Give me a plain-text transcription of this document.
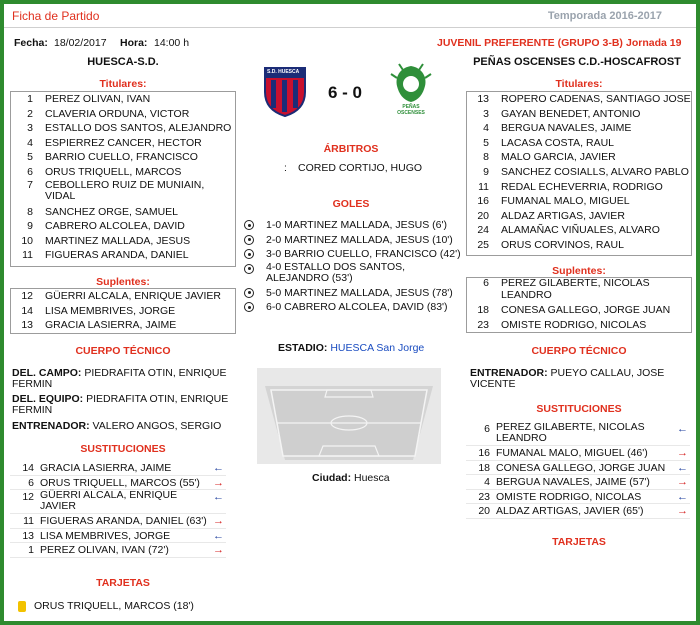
Ficha de Partido	Temporada 2016-2017
Fecha: 18/02/2017 Hora: 14:00 h	JUVENIL PREFERENTE (GRUPO 3-B) Jornada 19
HUESCA-S.D.	PEÑAS OSCENSES C.D.-HOSCAFROST
S.D. HUESCA
PEÑAS OSCENSES
6 - 0
Titulares:	Titulares:
1 PEREZ OLIVAN, IVAN
2 CLAVERIA ORDUNA, VICTOR
3 ESTALLO DOS SANTOS, ALEJANDRO
4 ESPIERREZ CANCER, HECTOR
5 BARRIO CUELLO, FRANCISCO
6 ORUS TRIQUELL, MARCOS
7 CEBOLLERO RUIZ DE MUNIAIN, VIDAL
8 SANCHEZ ORGE, SAMUEL
9 CABRERO ALCOLEA, DAVID
10 MARTINEZ MALLADA, JESUS
11 FIGUERAS ARANDA, DANIEL
13 ROPERO CADENAS, SANTIAGO JOSE
3 GAYAN BENEDET, ANTONIO
4 BERGUA NAVALES, JAIME
5 LACASA COSTA, RAUL
8 MALO GARCIA, JAVIER
9 SANCHEZ COSIALLS, ALVARO PABLO
11 REDAL ECHEVERRIA, RODRIGO
16 FUMANAL MALO, MIGUEL
20 ALDAZ ARTIGAS, JAVIER
24 ALAMAÑAC VIÑUALES, ALVARO
25 ORUS CORVINOS, RAUL
Suplentes:
12 GÜERRI ALCALA, ENRIQUE JAVIER
14 LISA MEMBRIVES, JORGE
13 GRACIA LASIERRA, JAIME
Suplentes:
6 PEREZ GILABERTE, NICOLAS LEANDRO
18 CONESA GALLEGO, JORGE JUAN
23 OMISTE RODRIGO, NICOLAS
ÁRBITROS
: CORED CORTIJO, HUGO
GOLES
1-0 MARTINEZ MALLADA, JESUS (6')
2-0 MARTINEZ MALLADA, JESUS (10')
3-0 BARRIO CUELLO, FRANCISCO (42')
4-0 ESTALLO DOS SANTOS, ALEJANDRO (53')
5-0 MARTINEZ MALLADA, JESUS (78')
6-0 CABRERO ALCOLEA, DAVID (83')
ESTADIO: HUESCA San Jorge
Ciudad: Huesca
CUERPO TÉCNICO
DEL. CAMPO: PIEDRAFITA OTIN, ENRIQUE FERMIN
DEL. EQUIPO: PIEDRAFITA OTIN, ENRIQUE FERMIN
ENTRENADOR: VALERO ANGOS, SERGIO
CUERPO TÉCNICO
ENTRENADOR: PUEYO CALLAU, JOSE VICENTE
SUSTITUCIONES
14 GRACIA LASIERRA, JAIME	←
6 ORUS TRIQUELL, MARCOS (55') →
12 GÜERRI ALCALA, ENRIQUE JAVIER
←
11 FIGUERAS ARANDA, DANIEL (63') →
13 LISA MEMBRIVES, JORGE	←
1 PEREZ OLIVAN, IVAN (72')	→
SUSTITUCIONES
6 PEREZ GILABERTE, NICOLAS LEANDRO
←
16 FUMANAL MALO, MIGUEL (46')	→
18 CONESA GALLEGO, JORGE JUAN ←
4 BERGUA NAVALES, JAIME (57') →
23 OMISTE RODRIGO, NICOLAS	←
20 ALDAZ ARTIGAS, JAVIER (65')	→
TARJETAS
ORUS TRIQUELL, MARCOS (18')
TARJETAS
